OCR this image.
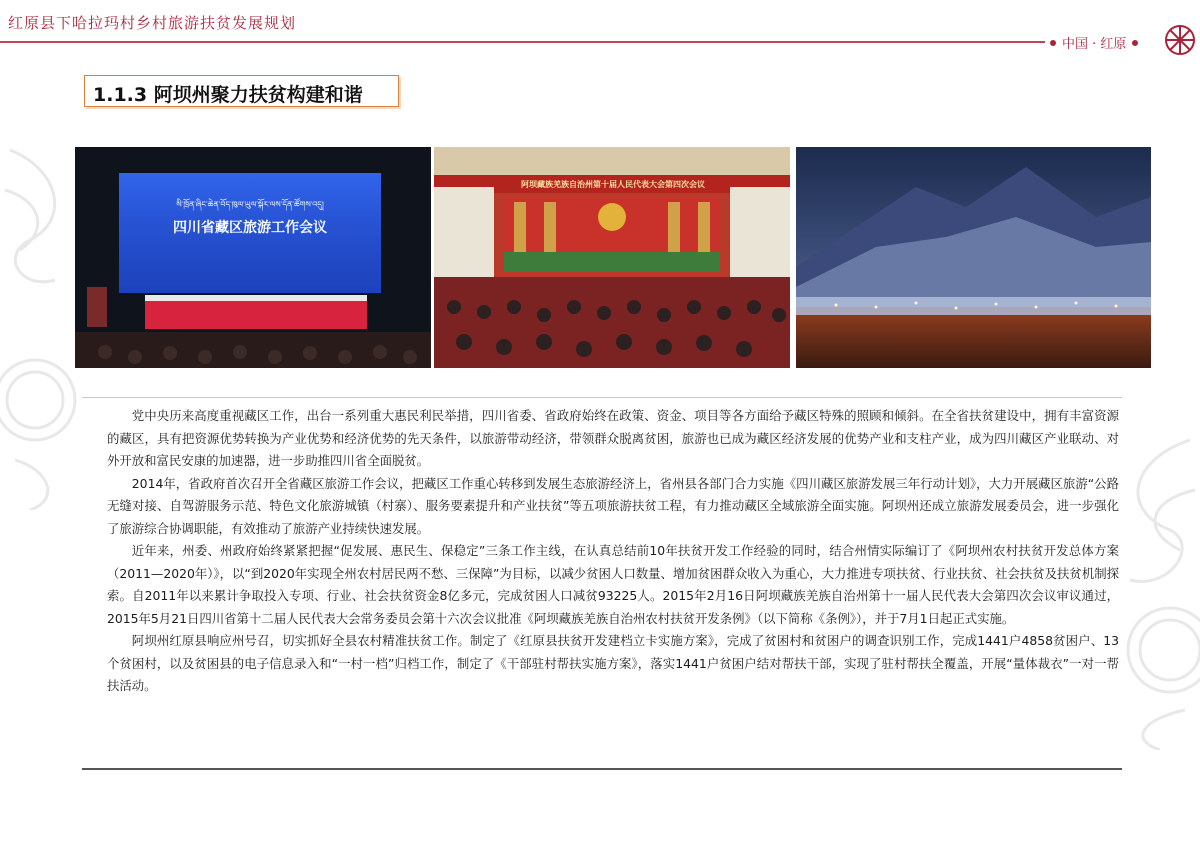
红原县下哈拉玛村乡村旅游扶贫发展规划
中国 · 红原
1.1.3 阿坝州聚力扶贫构建和谐
སི་ཁྲོན་ཞིང་ཆེན་བོད་ཁུལ་ཡུལ་སྐོར་ལས་དོན་ཚོགས་འདུ།
四川省藏区旅游工作会议
阿坝藏族羌族自治州第十届人民代表大会第四次会议

党中央历来高度重视藏区工作，出台一系列重大惠民利民举措，四川省委、省政府始终在政策、资金、项目等各方面给予藏区特殊的照顾和倾斜。在全省扶贫建设中，拥有丰富资源的藏区，具有把资源优势转换为产业优势和经济优势的先天条件，以旅游带动经济，带领群众脱离贫困，旅游也已成为藏区经济发展的优势产业和支柱产业，成为四川藏区产业联动、对外开放和富民安康的加速器，进一步助推四川省全面脱贫。

2014年，省政府首次召开全省藏区旅游工作会议，把藏区工作重心转移到发展生态旅游经济上，省州县各部门合力实施《四川藏区旅游发展三年行动计划》，大力开展藏区旅游“公路无缝对接、自驾游服务示范、特色文化旅游城镇（村寨）、服务要素提升和产业扶贫”等五项旅游扶贫工程，有力推动藏区全域旅游全面实施。阿坝州还成立旅游发展委员会，进一步强化了旅游综合协调职能，有效推动了旅游产业持续快速发展。

近年来，州委、州政府始终紧紧把握“促发展、惠民生、保稳定”三条工作主线，在认真总结前10年扶贫开发工作经验的同时，结合州情实际编订了《阿坝州农村扶贫开发总体方案（2011—2020年）》，以“到2020年实现全州农村居民两不愁、三保障”为目标，以减少贫困人口数量、增加贫困群众收入为重心，大力推进专项扶贫、行业扶贫、社会扶贫及扶贫机制探索。自2011年以来累计争取投入专项、行业、社会扶贫资金8亿多元，完成贫困人口减贫93225人。2015年2月16日阿坝藏族羌族自治州第十一届人民代表大会第四次会议审议通过，2015年5月21日四川省第十二届人民代表大会常务委员会第十六次会议批准《阿坝藏族羌族自治州农村扶贫开发条例》（以下简称《条例》），并于7月1日起正式实施。

阿坝州红原县响应州号召，切实抓好全县农村精准扶贫工作。制定了《红原县扶贫开发建档立卡实施方案》，完成了贫困村和贫困户的调查识别工作，完成1441户4858贫困户、13个贫困村，以及贫困县的电子信息录入和“一村一档”归档工作，制定了《干部驻村帮扶实施方案》，落实1441户贫困户结对帮扶干部，实现了驻村帮扶全覆盖，开展“量体裁衣”一对一帮扶活动。
